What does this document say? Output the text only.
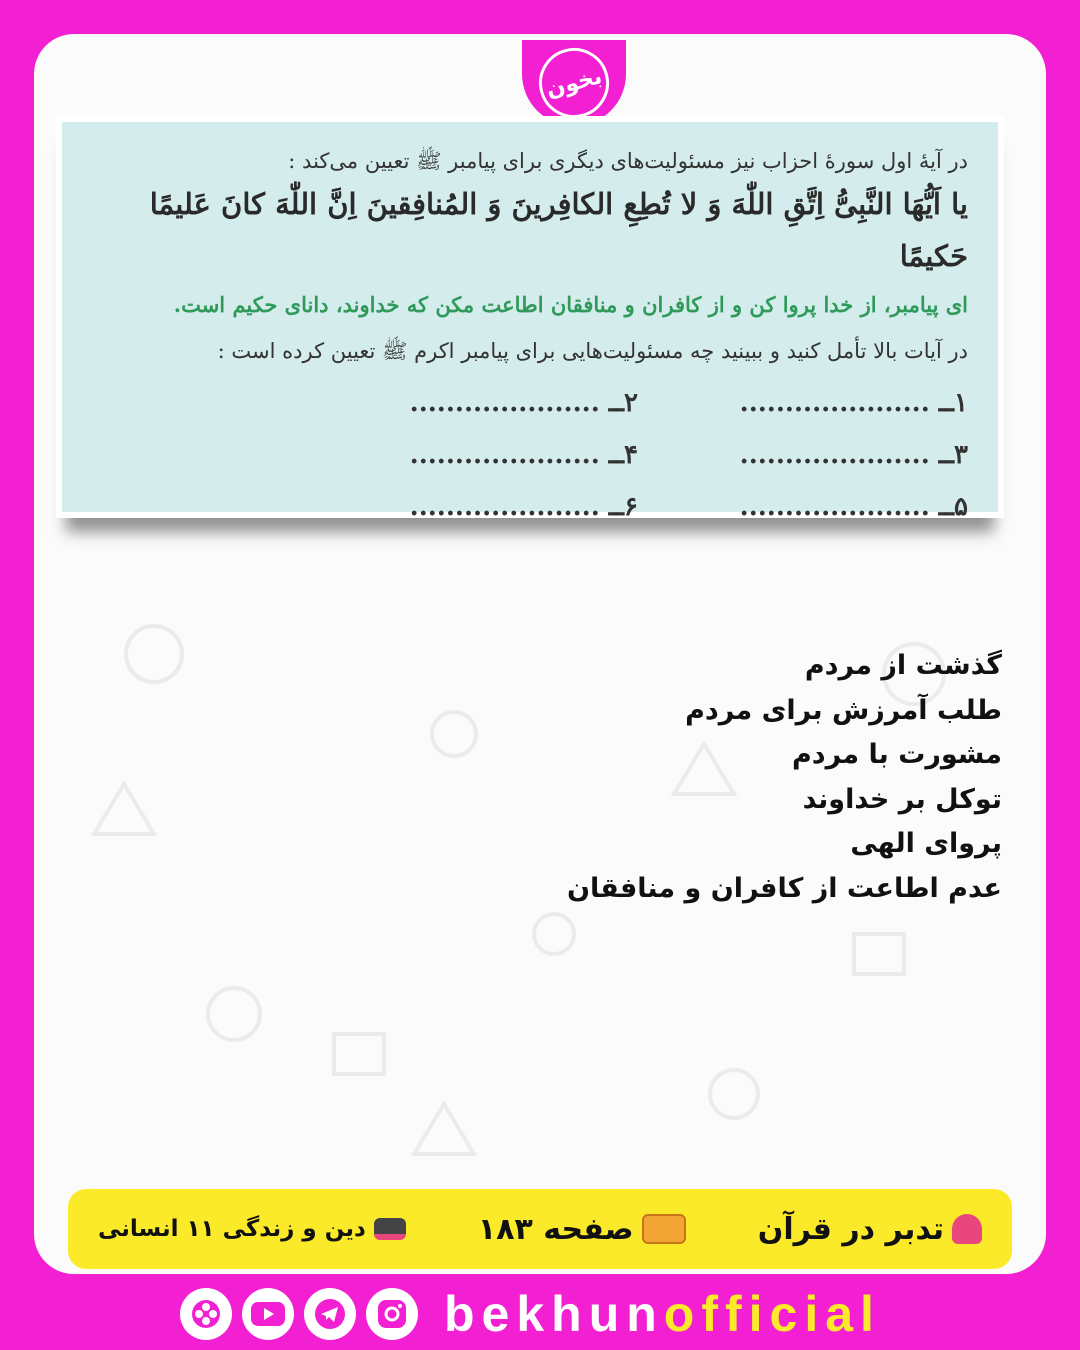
بخون
در آیهٔ اول سورهٔ احزاب نیز مسئولیت‌های دیگری برای پیامبر ﷺ تعیین می‌کند :
یا اَیُّهَا النَّبِیُّ اِتَّقِ اللّٰهَ وَ لا تُطِعِ الکافِرینَ وَ المُنافِقینَ اِنَّ اللّٰهَ کانَ عَلیمًا حَکیمًا
ای پیامبر، از خدا پروا کن و از کافران و منافقان اطاعت مکن که خداوند، دانای حکیم است.
در آیات بالا تأمل کنید و ببینید چه مسئولیت‌هایی برای پیامبر اکرم ﷺ تعیین کرده است :
۱ــ .....................
۲ــ .....................
۳ــ .....................
۴ــ .....................
۵ــ .....................
۶ــ .....................
گذشت از مردم
طلب آمرزش برای مردم
مشورت با مردم
توکل بر خداوند
پروای الهی
عدم اطاعت از کافران و منافقان
دین و زندگی ۱۱ انسانی	صفحه ۱۸۳	تدبر در قرآن
bekhunofficial
